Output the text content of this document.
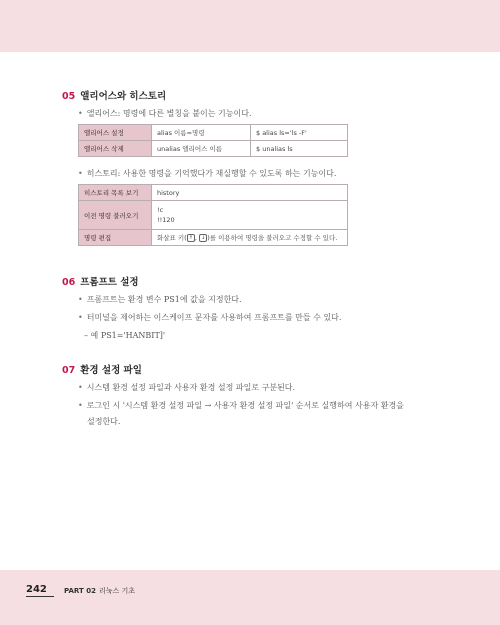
05 앨리어스와 히스토리
• 앨리어스: 명령에 다른 별칭을 붙이는 기능이다.
앨리어스 설정	alias 이름=명령	$ alias ls='ls -F'
앨리어스 삭제	unalias 앨리어스 이름	$ unalias ls
• 히스토리: 사용한 명령을 기억했다가 재실행할 수 있도록 하는 기능이다.
히스토리 목록 보기	history
이전 명령 불러오기	!c
!!120

명령 편집	화살표 키( ↑ , ↓ )를 이용하여 명령을 불러오고 수정할 수 있다.
06 프롬프트 설정
• 프롬프트는 환경 변수 PS1에 값을 지정한다.
• 터미널을 제어하는 이스케이프 문자를 사용하여 프롬프트를 만들 수 있다.
– 예 PS1='HANBIT]'
07 환경 설정 파일
• 시스템 환경 설정 파일과 사용자 환경 설정 파일로 구분된다.
• 로그인 시 '시스템 환경 설정 파일 → 사용자 환경 설정 파일' 순서로 실행하여 사용자 환경을
설정한다.
242 PART 02 리눅스 기초
